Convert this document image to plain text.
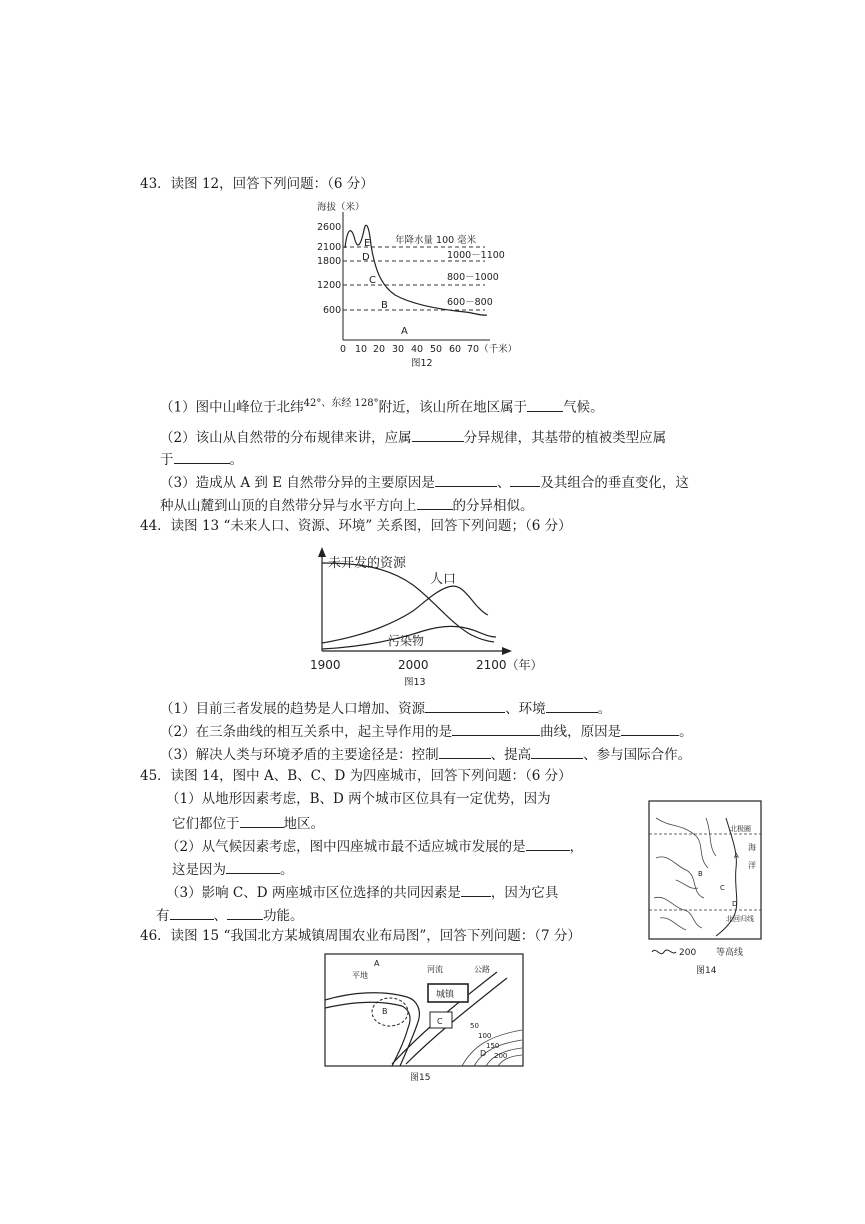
43．读图 12，回答下列问题：（6 分）
海拔（米）
2600
2100
1800
1200
600
E
D
C
B
A
年降水量 100 毫米
1000－1100
800－1000
600－800
0 10 20 30 40 50 60 70（千米）
图12
（1）图中山峰位于北纬$^{42^\circ、东经 128^\circ}$附近，该山所在地区属于	气候。
（2）该山从自然带的分布规律来讲，应属	分异规律，其基带的植被类型应属
于	。
（3）造成从 A 到 E 自然带分异的主要原因是	、 及其组合的垂直变化，这
种从山麓到山顶的自然带分异与水平方向上	的分异相似。
44．读图 13 “未来人口、资源、环境” 关系图，回答下列问题；（6 分）
未开发的资源
人口
污染物
1900	2000	2100（年）
图13
（1）目前三者发展的趋势是人口增加、资源	、环境	。
（2）在三条曲线的相互关系中，起主导作用的是	曲线，原因是	。
（3）解决人类与环境矛盾的主要途径是：控制	、提高	、参与国际合作。
45．读图 14，图中 A、B、C、D 为四座城市，回答下列问题：（6 分）
（1）从地形因素考虑，B、D 两个城市区位具有一定优势，因为
它们都位于	地区。
（2）从气候因素考虑，图中四座城市最不适应城市发展的是	，
这是因为	。
（3）影响 C、D 两座城市区位选择的共同因素是 ，因为它具
有	、	功能。
北极圈
海
洋
北回归线
A
B
C
D
200 等高线
图14
46．读图 15 “我国北方某城镇周围农业布局图”，回答下列问题：（7 分）
A
平地
河流	公路
城镇
B
C
D
50
100
150
200
图15
